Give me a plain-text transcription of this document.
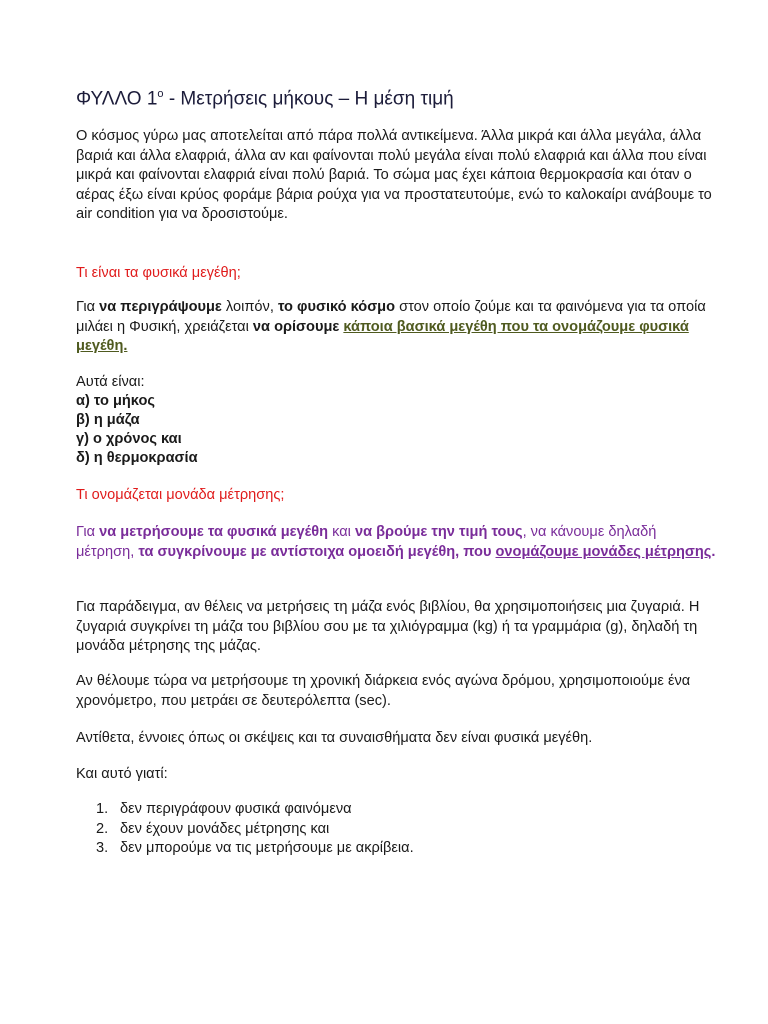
ΦΥΛΛΟ $1^o$ - Μετρήσεις μήκους – Η μέση τιμή

Ο κόσμος γύρω μας αποτελείται από πάρα πολλά αντικείμενα. Άλλα μικρά και άλλα μεγάλα, άλλα βαριά και άλλα ελαφριά, άλλα αν και φαίνονται πολύ μεγάλα είναι πολύ ελαφριά και άλλα που είναι μικρά και φαίνονται ελαφριά είναι πολύ βαριά. Το σώμα μας έχει κάποια θερμοκρασία και όταν ο αέρας έξω είναι κρύος φοράμε βάρια ρούχα για να προστατευτούμε, ενώ το καλοκαίρι ανάβουμε το air condition για να δροσιστούμε.

Τι είναι τα φυσικά μεγέθη;

Για να περιγράψουμε λοιπόν, το φυσικό κόσμο στον οποίο ζούμε και τα φαινόμενα για τα οποία μιλάει η Φυσική, χρειάζεται να ορίσουμε κάποια βασικά μεγέθη που τα ονομάζουμε φυσικά μεγέθη.

Αυτά είναι:

α) το μήκος

β) η μάζα

γ) ο χρόνος και

δ) η θερμοκρασία

Τι ονομάζεται μονάδα μέτρησης;

Για να μετρήσουμε τα φυσικά μεγέθη και να βρούμε την τιμή τους, να κάνουμε δηλαδή μέτρηση, τα συγκρίνουμε με αντίστοιχα ομοειδή μεγέθη, που ονομάζουμε μονάδες μέτρησης.

Για παράδειγμα, αν θέλεις να μετρήσεις τη μάζα ενός βιβλίου, θα χρησιμοποιήσεις μια ζυγαριά. Η ζυγαριά συγκρίνει τη μάζα του βιβλίου σου με τα χιλιόγραμμα (kg) ή τα γραμμάρια (g), δηλαδή τη μονάδα μέτρησης της μάζας.

Αν θέλουμε τώρα να μετρήσουμε τη χρονική διάρκεια ενός αγώνα δρόμου, χρησιμοποιούμε ένα χρονόμετρο, που μετράει σε δευτερόλεπτα (sec).

Αντίθετα, έννοιες όπως οι σκέψεις και τα συναισθήματα δεν είναι φυσικά μεγέθη.

Και αυτό γιατί:

1. δεν περιγράφουν φυσικά φαινόμενα
2. δεν έχουν μονάδες μέτρησης και
3. δεν μπορούμε να τις μετρήσουμε με ακρίβεια.
